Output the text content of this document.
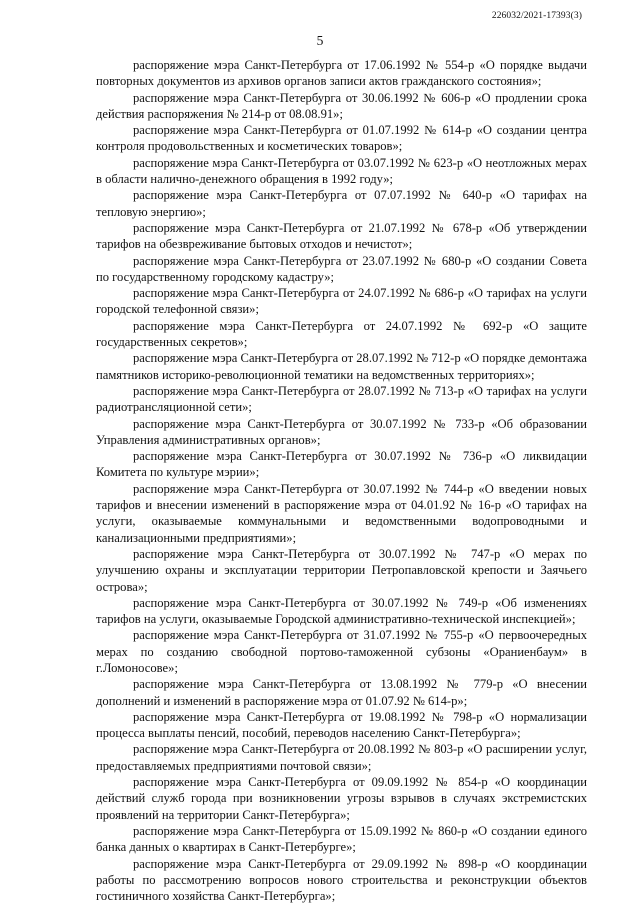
226032/2021-17393(3)
5

распоряжение мэра Санкт-Петербурга от 17.06.1992 № 554-р «О порядке выдачи повторных документов из архивов органов записи актов гражданского состояния»;

распоряжение мэра Санкт-Петербурга от 30.06.1992 № 606-р «О продлении срока действия распоряжения № 214-р от 08.08.91»;

распоряжение мэра Санкт-Петербурга от 01.07.1992 № 614-р «О создании центра контроля продовольственных и косметических товаров»;

распоряжение мэра Санкт-Петербурга от 03.07.1992 № 623-р «О неотложных мерах в области налично-денежного обращения в 1992 году»;

распоряжение мэра Санкт-Петербурга от 07.07.1992 № 640-р «О тарифах на тепловую энергию»;

распоряжение мэра Санкт-Петербурга от 21.07.1992 № 678-р «Об утверждении тарифов на обезвреживание бытовых отходов и нечистот»;

распоряжение мэра Санкт-Петербурга от 23.07.1992 № 680-р «О создании Совета по государственному городскому кадастру»;

распоряжение мэра Санкт-Петербурга от 24.07.1992 № 686-р «О тарифах на услуги городской телефонной связи»;

распоряжение мэра Санкт-Петербурга от 24.07.1992 № 692-р «О защите государственных секретов»;

распоряжение мэра Санкт-Петербурга от 28.07.1992 № 712-р «О порядке демонтажа памятников историко-революционной тематики на ведомственных территориях»;

распоряжение мэра Санкт-Петербурга от 28.07.1992 № 713-р «О тарифах на услуги радиотрансляционной сети»;

распоряжение мэра Санкт-Петербурга от 30.07.1992 № 733-р «Об образовании Управления административных органов»;

распоряжение мэра Санкт-Петербурга от 30.07.1992 № 736-р «О ликвидации Комитета по культуре мэрии»;

распоряжение мэра Санкт-Петербурга от 30.07.1992 № 744-р «О введении новых тарифов и внесении изменений в распоряжение мэра от 04.01.92 № 16-р «О тарифах на услуги, оказываемые коммунальными и ведомственными водопроводными и канализационными предприятиями»;

распоряжение мэра Санкт-Петербурга от 30.07.1992 № 747-р «О мерах по улучшению охраны и эксплуатации территории Петропавловской крепости и Заячьего острова»;

распоряжение мэра Санкт-Петербурга от 30.07.1992 № 749-р «Об изменениях тарифов на услуги, оказываемые Городской административно-технической инспекцией»;

распоряжение мэра Санкт-Петербурга от 31.07.1992 № 755-р «О первоочередных мерах по созданию свободной портово-таможенной субзоны «Ораниенбаум» в г.Ломоносове»;

распоряжение мэра Санкт-Петербурга от 13.08.1992 № 779-р «О внесении дополнений и изменений в распоряжение мэра от 01.07.92 № 614-р»;

распоряжение мэра Санкт-Петербурга от 19.08.1992 № 798-р «О нормализации процесса выплаты пенсий, пособий, переводов населению Санкт-Петербурга»;

распоряжение мэра Санкт-Петербурга от 20.08.1992 № 803-р «О расширении услуг, предоставляемых предприятиями почтовой связи»;

распоряжение мэра Санкт-Петербурга от 09.09.1992 № 854-р «О координации действий служб города при возникновении угрозы взрывов в случаях экстремистских проявлений на территории Санкт-Петербурга»;

распоряжение мэра Санкт-Петербурга от 15.09.1992 № 860-р «О создании единого банка данных о квартирах в Санкт-Петербурге»;

распоряжение мэра Санкт-Петербурга от 29.09.1992 № 898-р «О координации работы по рассмотрению вопросов нового строительства и реконструкции объектов гостиничного хозяйства Санкт-Петербурга»;
